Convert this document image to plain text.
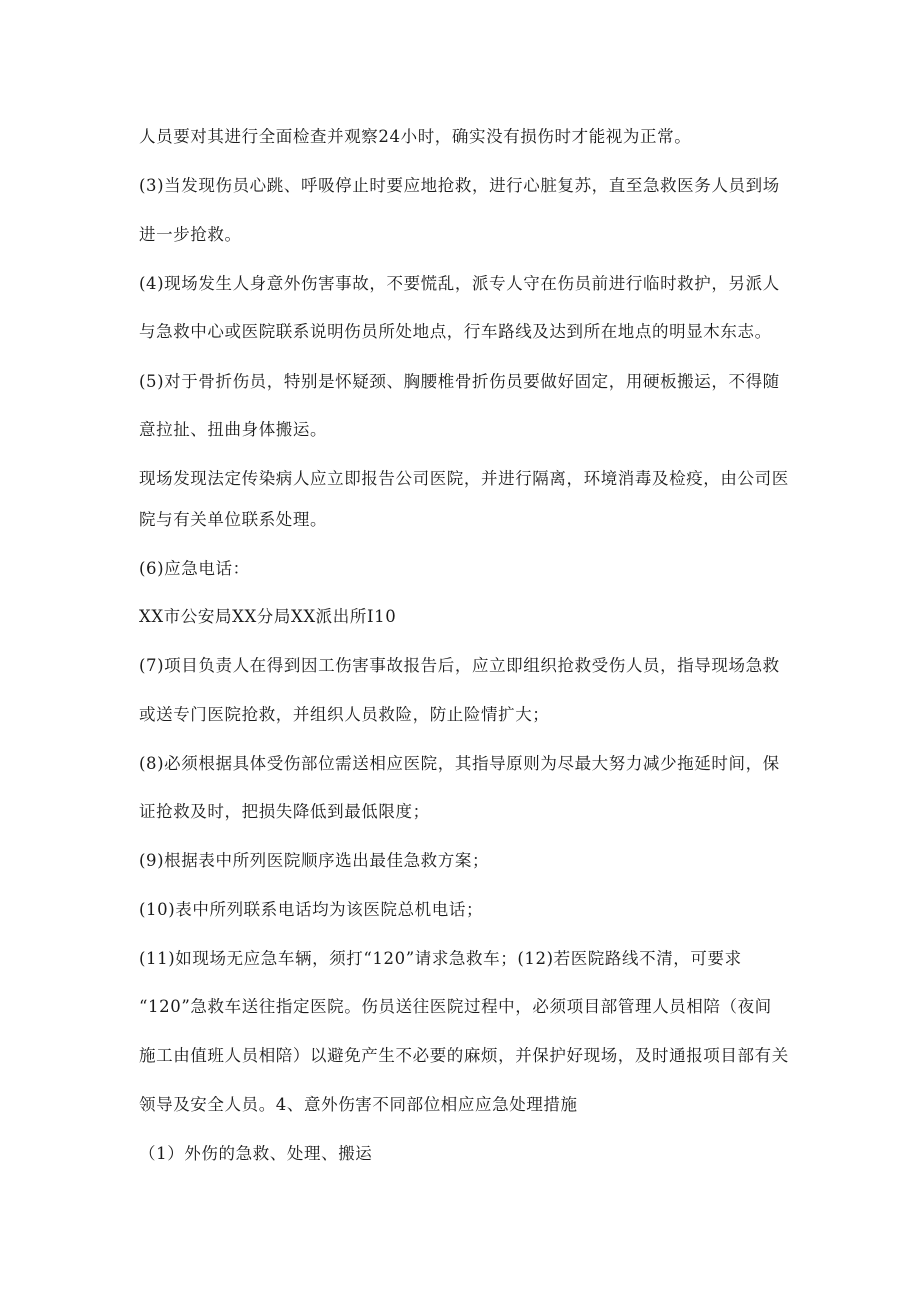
人员要对其进行全面检查并观察24小时，确实没有损伤时才能视为正常。
(3)当发现伤员心跳、呼吸停止时要应地抢救，进行心脏复苏，直至急救医务人员到场
进一步抢救。
(4)现场发生人身意外伤害事故，不要慌乱，派专人守在伤员前进行临时救护，另派人
与急救中心或医院联系说明伤员所处地点，行车路线及达到所在地点的明显木东志。
(5)对于骨折伤员，特别是怀疑颈、胸腰椎骨折伤员要做好固定，用硬板搬运，不得随
意拉扯、扭曲身体搬运。
现场发现法定传染病人应立即报告公司医院，并进行隔离，环境消毒及检疫，由公司医
院与有关单位联系处理。
(6)应急电话：
XX市公安局XX分局XX派出所I10
(7)项目负责人在得到因工伤害事故报告后，应立即组织抢救受伤人员，指导现场急救
或送专门医院抢救，并组织人员救险，防止险情扩大；
(8)必须根据具体受伤部位需送相应医院，其指导原则为尽最大努力减少拖延时间，保
证抢救及时，把损失降低到最低限度；
(9)根据表中所列医院顺序选出最佳急救方案；
(10)表中所列联系电话均为该医院总机电话；
(11)如现场无应急车辆，须打“120”请求急救车；(12)若医院路线不清，可要求
“120”急救车送往指定医院。伤员送往医院过程中，必须项目部管理人员相陪（夜间
施工由值班人员相陪）以避免产生不必要的麻烦，并保护好现场，及时通报项目部有关
领导及安全人员。4、意外伤害不同部位相应应急处理措施
（1）外伤的急救、处理、搬运
